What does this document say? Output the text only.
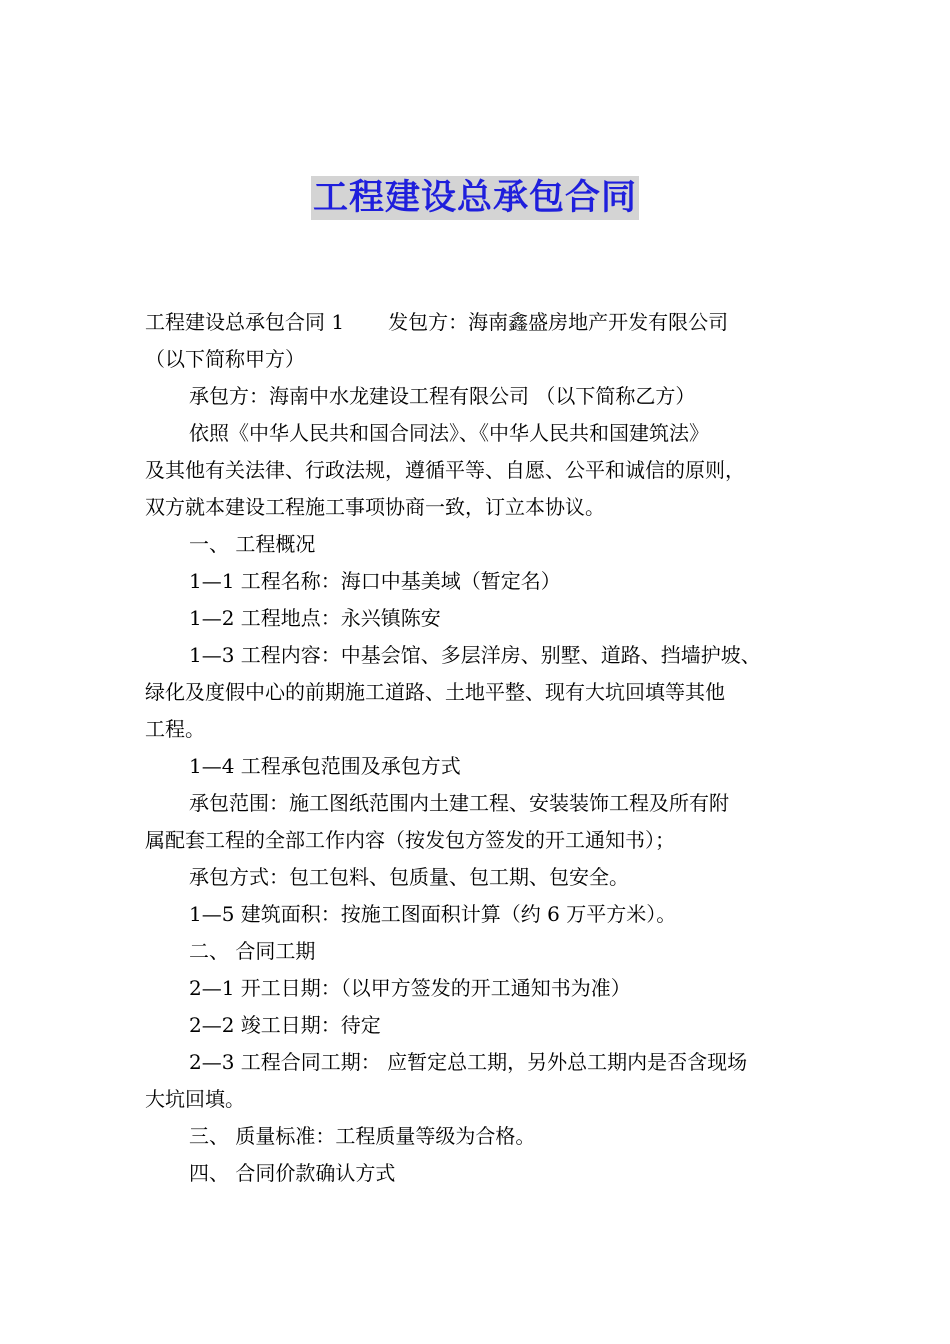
工程建设总承包合同

工程建设总承包合同 1 发包方：海南鑫盛房地产开发有限公司

（以下简称甲方）

承包方：海南中水龙建设工程有限公司 （以下简称乙方）

依照《中华人民共和国合同法》、《中华人民共和国建筑法》

及其他有关法律、行政法规，遵循平等、自愿、公平和诚信的原则，

双方就本建设工程施工事项协商一致，订立本协议。

一、 工程概况

1—1 工程名称：海口中基美域（暂定名）

1—2 工程地点：永兴镇陈安

1—3 工程内容：中基会馆、多层洋房、别墅、道路、挡墙护坡、

绿化及度假中心的前期施工道路、土地平整、现有大坑回填等其他

工程。

1—4 工程承包范围及承包方式

承包范围：施工图纸范围内土建工程、安装装饰工程及所有附

属配套工程的全部工作内容（按发包方签发的开工通知书）；

承包方式：包工包料、包质量、包工期、包安全。

1—5 建筑面积：按施工图面积计算（约 6 万平方米）。

二、 合同工期

2—1 开工日期：（以甲方签发的开工通知书为准）

2—2 竣工日期：待定

2—3 工程合同工期： 应暂定总工期，另外总工期内是否含现场

大坑回填。

三、 质量标准：工程质量等级为合格。

四、 合同价款确认方式
